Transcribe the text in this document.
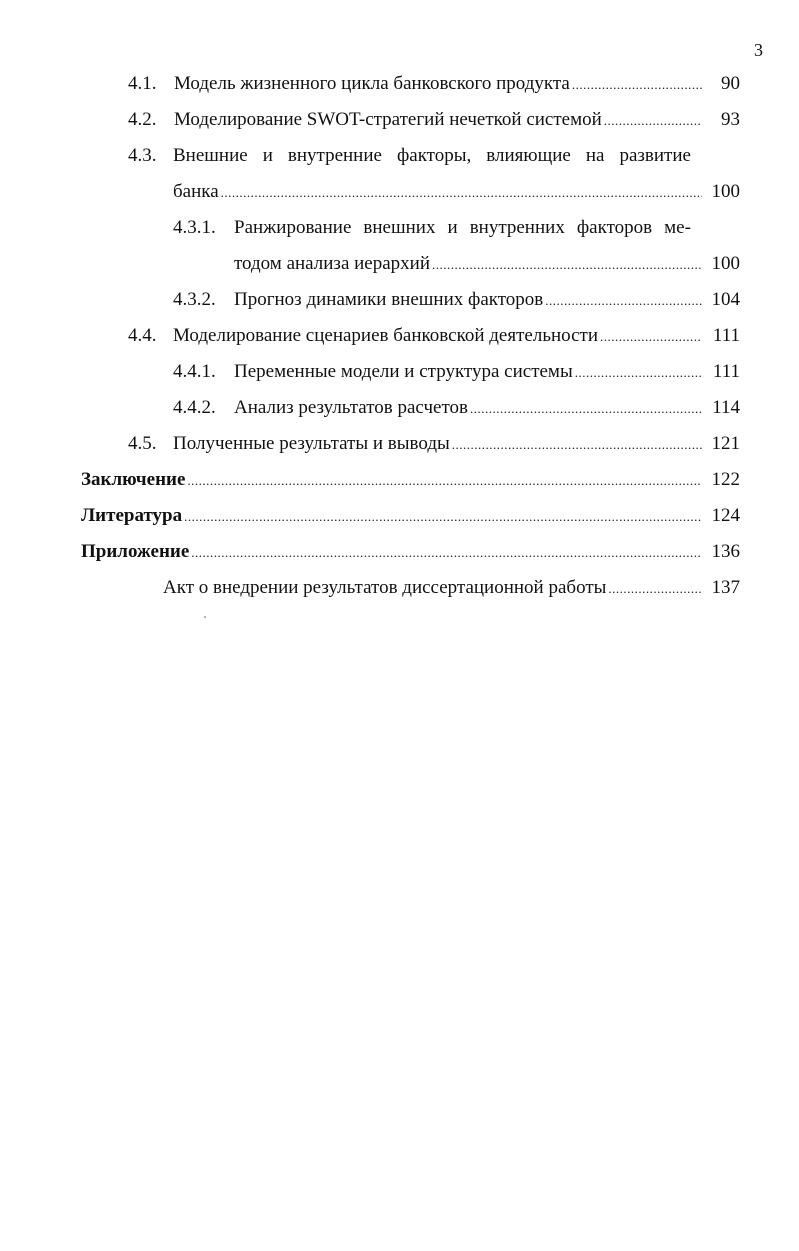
3
4.1. Модель жизненного цикла банковского продукта .....	90
4.2. Моделирование SWOT-стратегий нечеткой системой .....	93
4.3. Внешние и внутренние факторы, влияющие на развитие
банка .....	100
4.3.1. Ранжирование внешних и внутренних факторов ме-
тодом анализа иерархий .....	100
4.3.2. Прогноз динамики внешних факторов .....	104
4.4. Моделирование сценариев банковской деятельности .....	111
4.4.1. Переменные модели и структура системы .....	111
4.4.2. Анализ результатов расчетов .....	114
4.5. Полученные результаты и выводы .....	121
Заключение .....	122
Литература .....	124
Приложение .....	136
Акт о внедрении результатов диссертационной работы .....	137
